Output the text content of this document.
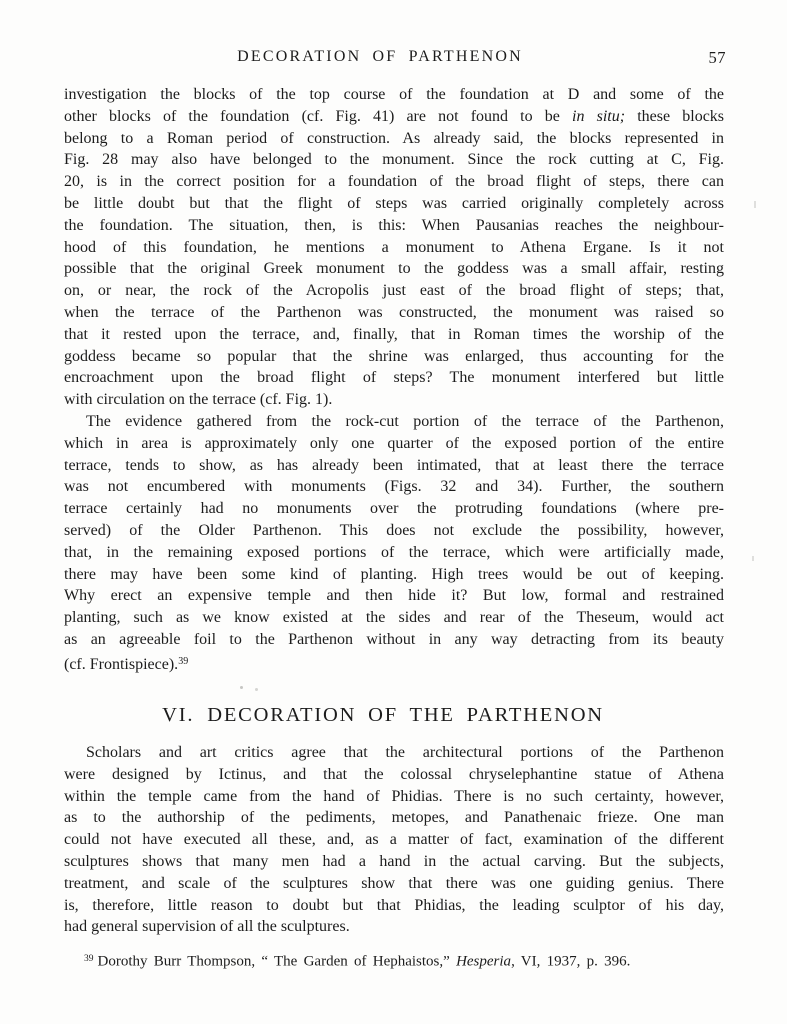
DECORATION OF PARTHENON	57
investigation the blocks of the top course of the foundation at D and some of the
other blocks of the foundation (cf. Fig. 41) are not found to be in situ; these blocks
belong to a Roman period of construction. As already said, the blocks represented in
Fig. 28 may also have belonged to the monument. Since the rock cutting at C, Fig.
20, is in the correct position for a foundation of the broad flight of steps, there can
be little doubt but that the flight of steps was carried originally completely across
the foundation. The situation, then, is this: When Pausanias reaches the neighbour-
hood of this foundation, he mentions a monument to Athena Ergane. Is it not
possible that the original Greek monument to the goddess was a small affair, resting
on, or near, the rock of the Acropolis just east of the broad flight of steps; that,
when the terrace of the Parthenon was constructed, the monument was raised so
that it rested upon the terrace, and, finally, that in Roman times the worship of the
goddess became so popular that the shrine was enlarged, thus accounting for the
encroachment upon the broad flight of steps? The monument interfered but little
with circulation on the terrace (cf. Fig. 1).
The evidence gathered from the rock-cut portion of the terrace of the Parthenon,
which in area is approximately only one quarter of the exposed portion of the entire
terrace, tends to show, as has already been intimated, that at least there the terrace
was not encumbered with monuments (Figs. 32 and 34). Further, the southern
terrace certainly had no monuments over the protruding foundations (where pre-
served) of the Older Parthenon. This does not exclude the possibility, however,
that, in the remaining exposed portions of the terrace, which were artificially made,
there may have been some kind of planting. High trees would be out of keeping.
Why erect an expensive temple and then hide it? But low, formal and restrained
planting, such as we know existed at the sides and rear of the Theseum, would act
as an agreeable foil to the Parthenon without in any way detracting from its beauty
(cf. Frontispiece).$^{39}$
VI. DECORATION OF THE PARTHENON
Scholars and art critics agree that the architectural portions of the Parthenon
were designed by Ictinus, and that the colossal chryselephantine statue of Athena
within the temple came from the hand of Phidias. There is no such certainty, however,
as to the authorship of the pediments, metopes, and Panathenaic frieze. One man
could not have executed all these, and, as a matter of fact, examination of the different
sculptures shows that many men had a hand in the actual carving. But the subjects,
treatment, and scale of the sculptures show that there was one guiding genius. There
is, therefore, little reason to doubt but that Phidias, the leading sculptor of his day,
had general supervision of all the sculptures.
$^{39}$ Dorothy Burr Thompson, “ The Garden of Hephaistos,” Hesperia, VI, 1937, p. 396.
